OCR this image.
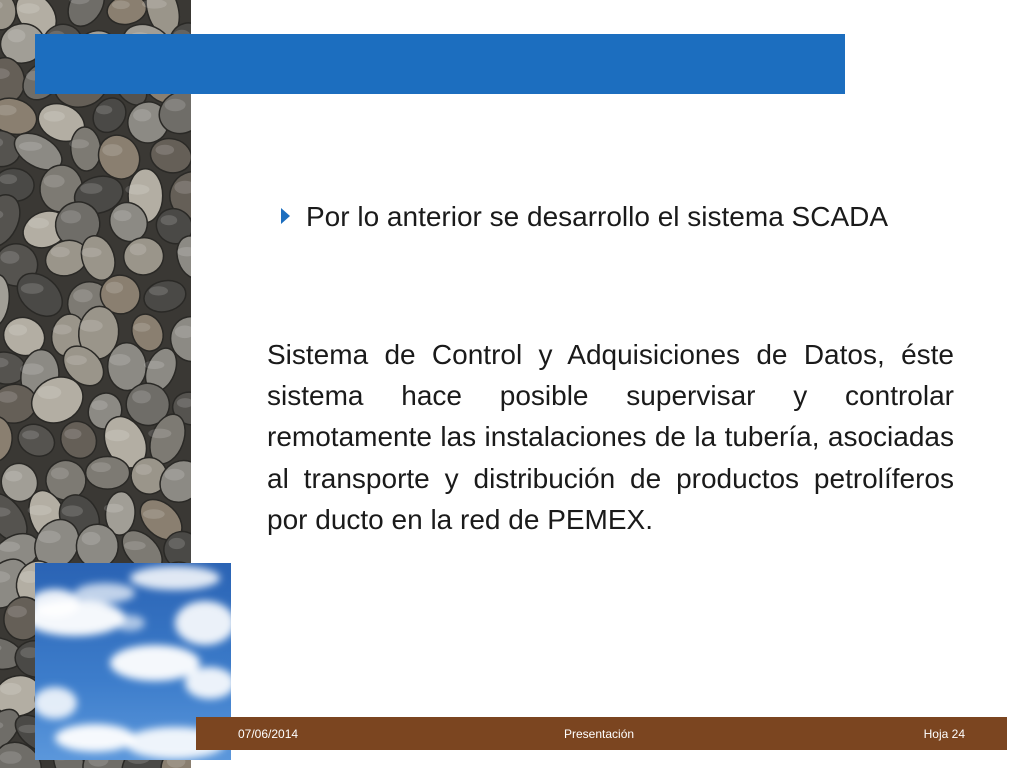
Por lo anterior se desarrollo el sistema SCADA
Sistema de Control y Adquisiciones de Datos, éste sistema hace posible supervisar y controlar remotamente las instalaciones de la tubería, asociadas al transporte y distribución de productos petrolíferos por ducto en la red de PEMEX.
07/06/2014	Presentación	Hoja 24
